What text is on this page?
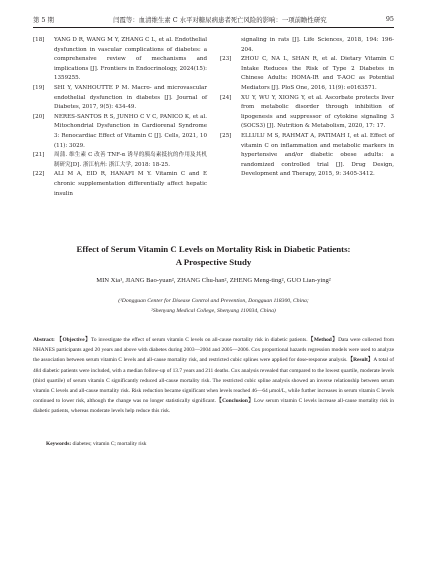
第 5 期	闫霞等：血清维生素 C 水平对糖尿病患者死亡风险的影响：一项前瞻性研究	95
[18]	YANG D R, WANG M Y, ZHANG C L, et al. Endothelial dysfunction in vascular complications of diabetes: a comprehensive review of mechanisms and implications [J]. Frontiers in Endocrinology, 2024(15): 1359255.
[19]	SHI Y, VANHOUTTE P M. Macro- and microvascular endothelial dysfunction in diabetes [J]. Journal of Diabetes, 2017, 9(5): 434-49.
[20]	NERES-SANTOS R S, JUNHO C V C, PANICO K, et al. Mitochondrial Dysfunction in Cardiorenal Syndrome 3: Renocardiac Effect of Vitamin C [J]. Cells, 2021, 10 (11): 3029.
[21]	周蒲. 维生素 C 改善 TNF-α 诱导的胰岛素抵抗的作用及其机制研究[D]. 浙江杭州: 浙江大学, 2018: 18-25.
[22]	ALI M A, EID R, HANAFI M Y. Vitamin C and E chronic supplementation differentially affect hepatic insulin
signaling in rats [J]. Life Sciences, 2018, 194: 196-204.
[23]	ZHOU C, NA L, SHAN R, et al. Dietary Vitamin C Intake Reduces the Risk of Type 2 Diabetes in Chinese Adults: HOMA-IR and T-AOC as Potential Mediators [J]. PloS One, 2016, 11(9): e0163571.
[24]	XU Y, WU Y, XIONG Y, et al. Ascorbate protects liver from metabolic disorder through inhibition of lipogenesis and suppressor of cytokine signaling 3 (SOCS3) [J]. Nutrition & Metabolism, 2020, 17: 17.
[25]	ELLULU M S, RAHMAT A, PATIMAH I, et al. Effect of vitamin C on inflammation and metabolic markers in hypertensive and/or diabetic obese adults: a randomized controlled trial [J]. Drug Design, Development and Therapy, 2015, 9: 3405-3412.
Effect of Serum Vitamin C Levels on Mortality Risk in Diabetic Patients:
A Prospective Study
MIN Xia¹, JIANG Bao-yuan², ZHANG Chu-han², ZHENG Meng-ting², GUO Lian-ying²
(¹Dongguan Center for Disease Control and Prevention, Dongguan 118300, China;
²Shenyang Medical College, Shenyang 110034, China)
Abstract: 【Objective】To investigate the effect of serum vitamin C levels on all-cause mortality risk in diabetic patients.【Method】Data were collected from NHANES participants aged 20 years and above with diabetes during 2003—2004 and 2005—2006. Cox proportional hazards regression models were used to analyze the association between serum vitamin C levels and all-cause mortality risk, and restricted cubic splines were applied for dose-response analysis.【Result】A total of 484 diabetic patients were included, with a median follow-up of 13.7 years and 211 deaths. Cox analysis revealed that compared to the lowest quartile, moderate levels (third quartile) of serum vitamin C significantly reduced all-cause mortality risk. The restricted cubic spline analysis showed an inverse relationship between serum vitamin C levels and all-cause mortality risk. Risk reduction became significant when levels reached 46—64 μmol/L, while further increases in serum vitamin C levels continued to lower risk, although the change was no longer statistically significant.【Conclusion】Low serum vitamin C levels increase all-cause mortality risk in diabetic patients, whereas moderate levels help reduce this risk.
Keywords: diabetes; vitamin C; mortality risk
